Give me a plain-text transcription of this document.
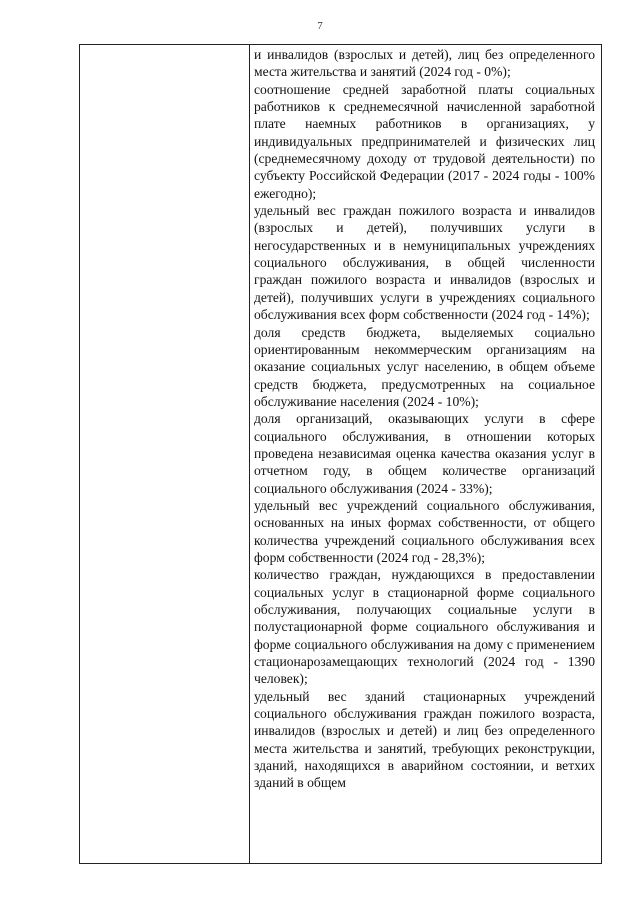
7
и инвалидов (взрослых и детей), лиц без определенного места жительства и занятий (2024 год - 0%);
соотношение средней заработной платы социальных работников к среднемесячной начисленной заработной плате наемных работников в организациях, у индивидуальных предпринимателей и физических лиц (среднемесячному доходу от трудовой деятельности) по субъекту Российской Федерации (2017 - 2024 годы - 100% ежегодно);
удельный вес граждан пожилого возраста и инвалидов (взрослых и детей), получивших услуги в негосударственных и в немуниципальных учреждениях социального обслуживания, в общей численности граждан пожилого возраста и инвалидов (взрослых и детей), получивших услуги в учреждениях социального обслуживания всех форм собственности (2024 год - 14%);
доля средств бюджета, выделяемых социально ориентированным некоммерческим организациям на оказание социальных услуг населению, в общем объеме средств бюджета, предусмотренных на социальное обслуживание населения (2024 - 10%);
доля организаций, оказывающих услуги в сфере социального обслуживания, в отношении которых проведена независимая оценка качества оказания услуг в отчетном году, в общем количестве организаций социального обслуживания (2024 - 33%);
удельный вес учреждений социального обслуживания, основанных на иных формах собственности, от общего количества учреждений социального обслуживания всех форм собственности (2024 год - 28,3%);
количество граждан, нуждающихся в предоставлении социальных услуг в стационарной форме социального обслуживания, получающих социальные услуги в полустационарной форме социального обслуживания и форме социального обслуживания на дому с применением стационарозамещающих технологий (2024 год - 1390 человек);
удельный вес зданий стационарных учреждений социального обслуживания граждан пожилого возраста, инвалидов (взрослых и детей) и лиц без определенного места жительства и занятий, требующих реконструкции, зданий, находящихся в аварийном состоянии, и ветхих зданий в общем
